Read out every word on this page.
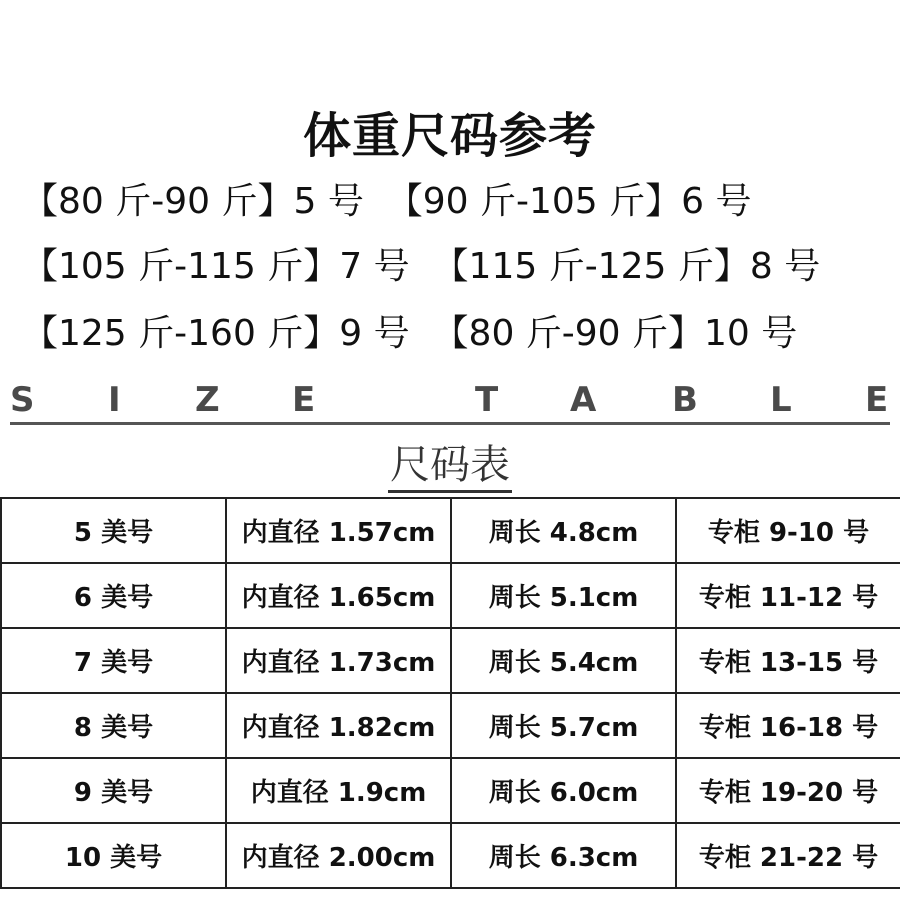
体重尺码参考
【80 斤-90 斤】5 号  【90 斤-105 斤】6 号
【105 斤-115 斤】7 号  【115 斤-125 斤】8 号
【125 斤-160 斤】9 号  【80 斤-90 斤】10 号
S I Z E	T A B L E
尺码表
5 美号	内直径 1.57cm	周长 4.8cm	专柜 9-10 号
6 美号	内直径 1.65cm	周长 5.1cm	专柜 11-12 号
7 美号	内直径 1.73cm	周长 5.4cm	专柜 13-15 号
8 美号	内直径 1.82cm	周长 5.7cm	专柜 16-18 号
9 美号	内直径 1.9cm	周长 6.0cm	专柜 19-20 号
10 美号	内直径 2.00cm	周长 6.3cm	专柜 21-22 号
